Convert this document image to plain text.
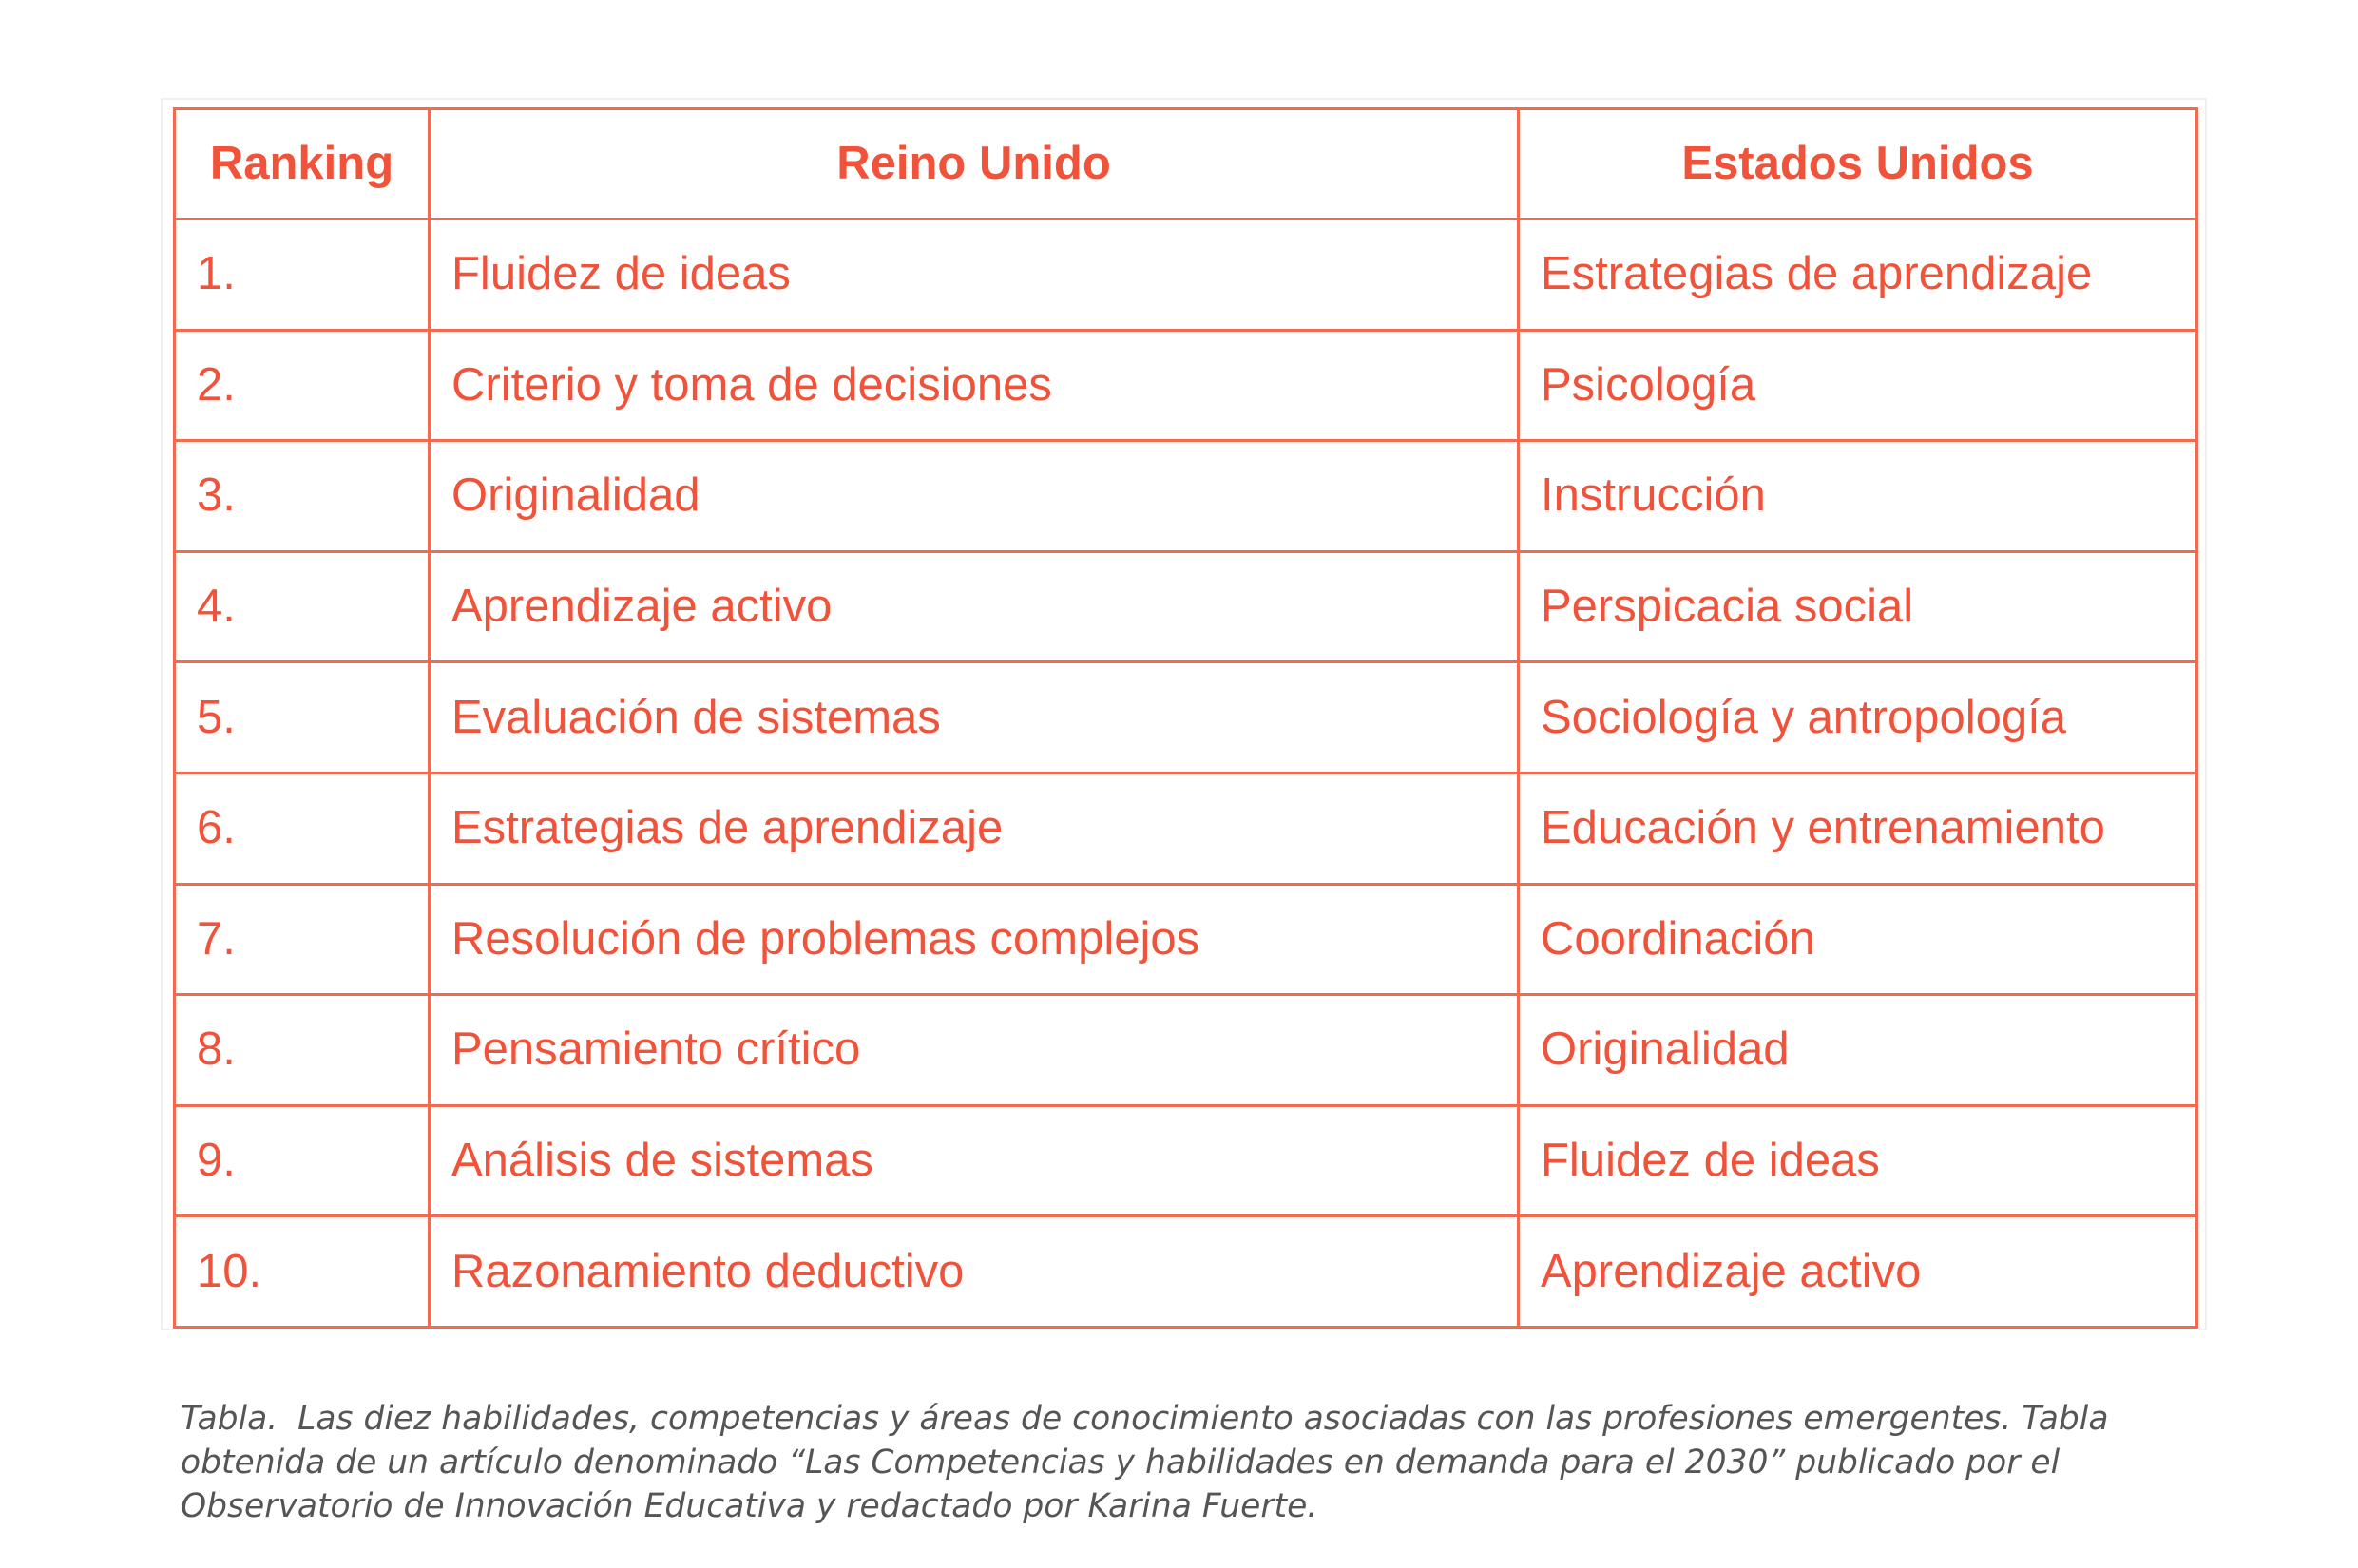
Ranking	Reino Unido	Estados Unidos
1.	Fluidez de ideas	Estrategias de aprendizaje
2.	Criterio y toma de decisiones	Psicología
3.	Originalidad	Instrucción
4.	Aprendizaje activo	Perspicacia social
5.	Evaluación de sistemas	Sociología y antropología
6.	Estrategias de aprendizaje	Educación y entrenamiento
7.	Resolución de problemas complejos	Coordinación
8.	Pensamiento crítico	Originalidad
9.	Análisis de sistemas	Fluidez de ideas
10.	Razonamiento deductivo	Aprendizaje activo

Tabla. Las diez habilidades, competencias y áreas de conocimiento asociadas con las profesiones emergentes. Tabla obtenida de un artículo denominado “Las Competencias y habilidades en demanda para el 2030” publicado por el Observatorio de Innovación Educativa y redactado por Karina Fuerte.
